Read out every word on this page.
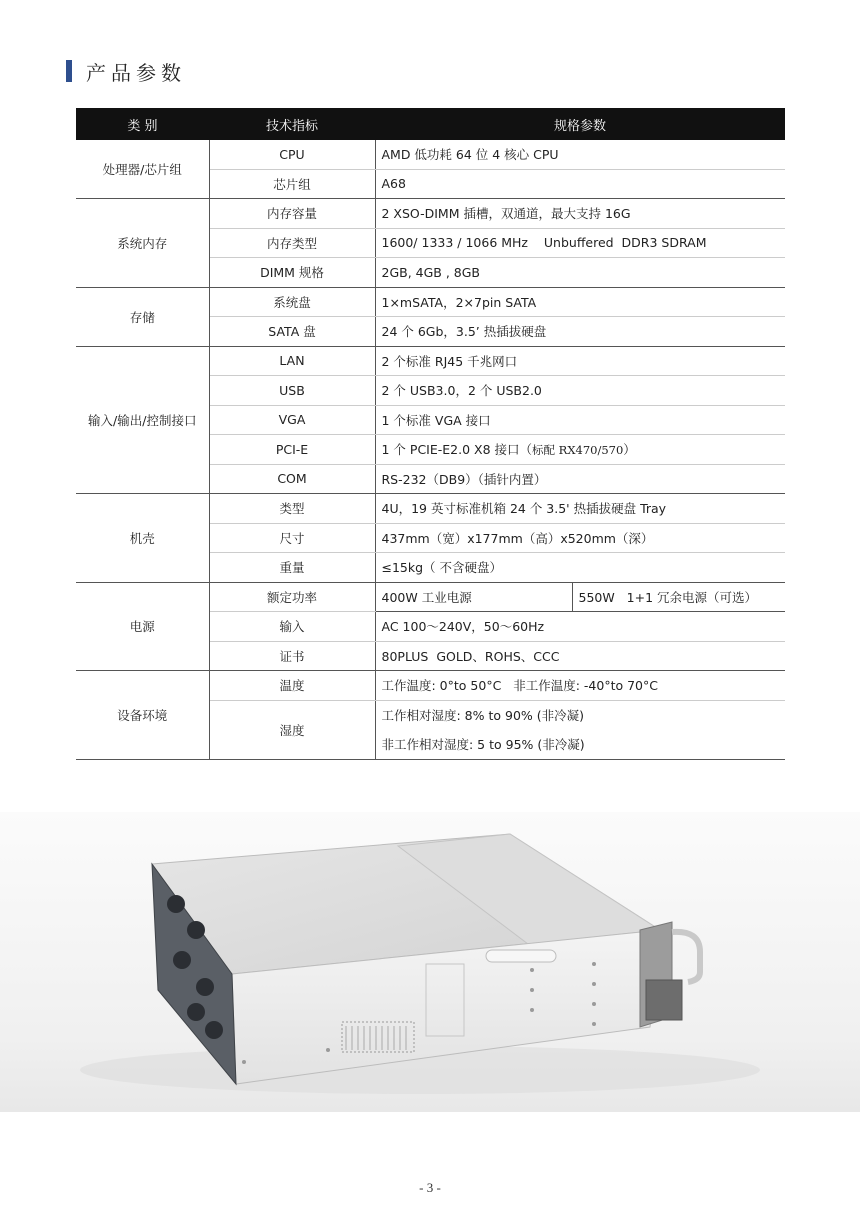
产品参数
类 别	技术指标	规格参数	
处理器/芯片组	CPU	AMD 低功耗 64 位 4 核心 CPU	
	芯片组	A68	
系统内存	内存容量	2 XSO-DIMM 插槽，双通道，最大支持 16G	
	内存类型	1600/ 1333 / 1066 MHz    Unbuffered  DDR3 SDRAM	
	DIMM 规格	2GB, 4GB , 8GB	
存储	系统盘	1×mSATA，2×7pin SATA	
	SATA 盘	24 个 6Gb，3.5’ 热插拔硬盘	
输入/输出/控制接口	LAN	2 个标准 RJ45 千兆网口	
	USB	2 个 USB3.0，2 个 USB2.0	
	VGA	1 个标准 VGA 接口	
	PCI-E	1 个 PCIE-E2.0 X8 接口（标配 RX470/570）	
	COM	RS-232（DB9）（插针内置）	
机壳	类型	4U，19 英寸标准机箱 24 个 3.5' 热插拔硬盘 Tray	
	尺寸	437mm（宽）ⅹ177mm（高）ⅹ520mm（深）	
	重量	≤15kg（ 不含硬盘）	
电源	额定功率	400W 工业电源	550W   1+1 冗余电源（可选）
	输入	AC 100～240V，50～60Hz	
	证书	80PLUS  GOLD、ROHS、CCC	
设备环境	温度	工作温度: 0°to 50°C   非工作温度: -40°to 70°C	
	湿度	工作相对湿度: 8% to 90% (非冷凝)
非工作相对湿度: 5 to 95% (非冷凝)	
- 3 -
